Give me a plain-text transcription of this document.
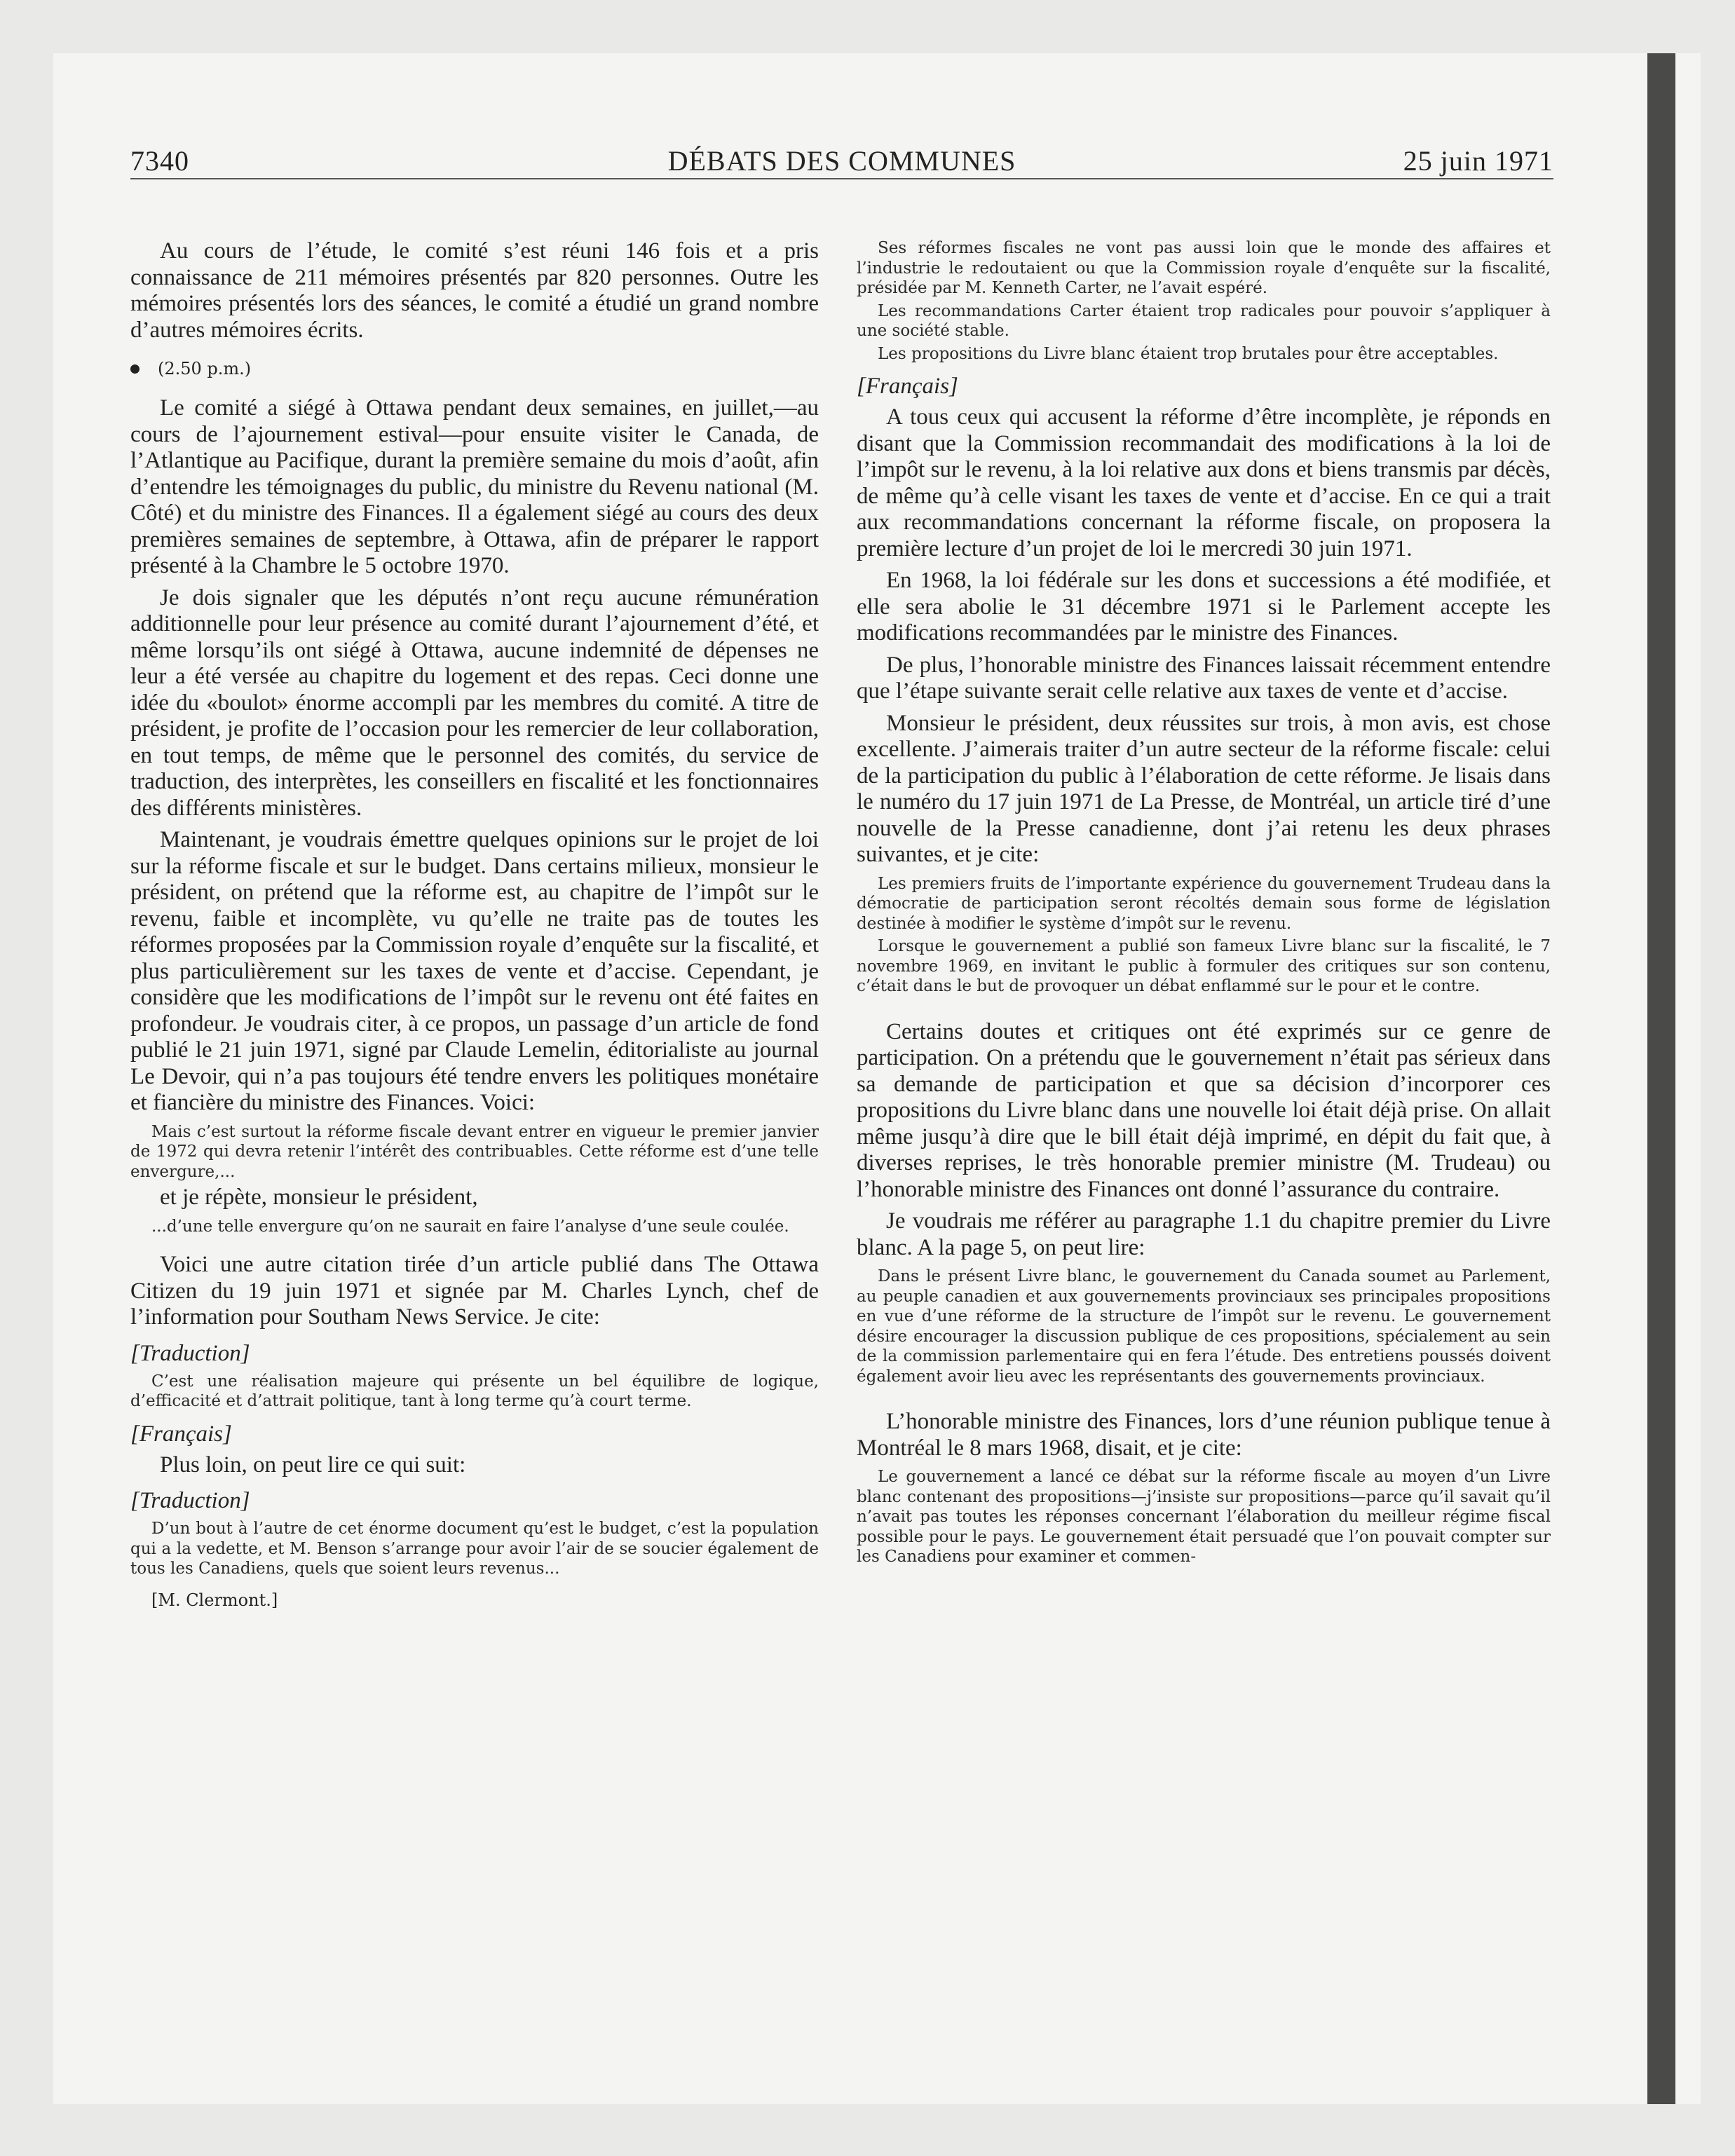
7340	DÉBATS DES COMMUNES	25 juin 1971

Au cours de l’étude, le comité s’est réuni 146 fois et a pris connaissance de 211 mémoires présentés par 820 personnes. Outre les mémoires présentés lors des séances, le comité a étudié un grand nombre d’autres mémoires écrits.

(2.50 p.m.)

Le comité a siégé à Ottawa pendant deux semaines, en juillet,—au cours de l’ajournement estival—pour ensuite visiter le Canada, de l’Atlantique au Pacifique, durant la première semaine du mois d’août, afin d’entendre les témoignages du public, du ministre du Revenu national (M. Côté) et du ministre des Finances. Il a également siégé au cours des deux premières semaines de septembre, à Ottawa, afin de préparer le rapport présenté à la Chambre le 5 octobre 1970.

Je dois signaler que les députés n’ont reçu aucune rémunération additionnelle pour leur présence au comité durant l’ajournement d’été, et même lorsqu’ils ont siégé à Ottawa, aucune indemnité de dépenses ne leur a été versée au chapitre du logement et des repas. Ceci donne une idée du «boulot» énorme accompli par les membres du comité. A titre de président, je profite de l’occasion pour les remercier de leur collaboration, en tout temps, de même que le personnel des comités, du service de traduction, des interprètes, les conseillers en fiscalité et les fonctionnaires des différents ministères.

Maintenant, je voudrais émettre quelques opinions sur le projet de loi sur la réforme fiscale et sur le budget. Dans certains milieux, monsieur le président, on prétend que la réforme est, au chapitre de l’impôt sur le revenu, faible et incomplète, vu qu’elle ne traite pas de toutes les réformes proposées par la Commission royale d’enquête sur la fiscalité, et plus particulièrement sur les taxes de vente et d’accise. Cependant, je considère que les modifications de l’impôt sur le revenu ont été faites en profondeur. Je voudrais citer, à ce propos, un passage d’un article de fond publié le 21 juin 1971, signé par Claude Lemelin, éditorialiste au journal Le Devoir, qui n’a pas toujours été tendre envers les politiques monétaire et fiancière du ministre des Finances. Voici:

Mais c’est surtout la réforme fiscale devant entrer en vigueur le premier janvier de 1972 qui devra retenir l’intérêt des contribuables. Cette réforme est d’une telle envergure,...

et je répète, monsieur le président,

...d’une telle envergure qu’on ne saurait en faire l’analyse d’une seule coulée.

Voici une autre citation tirée d’un article publié dans The Ottawa Citizen du 19 juin 1971 et signée par M. Charles Lynch, chef de l’information pour Southam News Service. Je cite:

[Traduction]

C’est une réalisation majeure qui présente un bel équilibre de logique, d’efficacité et d’attrait politique, tant à long terme qu’à court terme.

[Français]

Plus loin, on peut lire ce qui suit:

[Traduction]

D’un bout à l’autre de cet énorme document qu’est le budget, c’est la population qui a la vedette, et M. Benson s’arrange pour avoir l’air de se soucier également de tous les Canadiens, quels que soient leurs revenus...

[M. Clermont.]

Ses réformes fiscales ne vont pas aussi loin que le monde des affaires et l’industrie le redoutaient ou que la Commission royale d’enquête sur la fiscalité, présidée par M. Kenneth Carter, ne l’avait espéré.

Les recommandations Carter étaient trop radicales pour pouvoir s’appliquer à une société stable.

Les propositions du Livre blanc étaient trop brutales pour être acceptables.

[Français]

A tous ceux qui accusent la réforme d’être incomplète, je réponds en disant que la Commission recommandait des modifications à la loi de l’impôt sur le revenu, à la loi relative aux dons et biens transmis par décès, de même qu’à celle visant les taxes de vente et d’accise. En ce qui a trait aux recommandations concernant la réforme fiscale, on proposera la première lecture d’un projet de loi le mercredi 30 juin 1971.

En 1968, la loi fédérale sur les dons et successions a été modifiée, et elle sera abolie le 31 décembre 1971 si le Parlement accepte les modifications recommandées par le ministre des Finances.

De plus, l’honorable ministre des Finances laissait récemment entendre que l’étape suivante serait celle relative aux taxes de vente et d’accise.

Monsieur le président, deux réussites sur trois, à mon avis, est chose excellente. J’aimerais traiter d’un autre secteur de la réforme fiscale: celui de la participation du public à l’élaboration de cette réforme. Je lisais dans le numéro du 17 juin 1971 de La Presse, de Montréal, un article tiré d’une nouvelle de la Presse canadienne, dont j’ai retenu les deux phrases suivantes, et je cite:

Les premiers fruits de l’importante expérience du gouvernement Trudeau dans la démocratie de participation seront récoltés demain sous forme de législation destinée à modifier le système d’impôt sur le revenu.

Lorsque le gouvernement a publié son fameux Livre blanc sur la fiscalité, le 7 novembre 1969, en invitant le public à formuler des critiques sur son contenu, c’était dans le but de provoquer un débat enflammé sur le pour et le contre.

Certains doutes et critiques ont été exprimés sur ce genre de participation. On a prétendu que le gouvernement n’était pas sérieux dans sa demande de participation et que sa décision d’incorporer ces propositions du Livre blanc dans une nouvelle loi était déjà prise. On allait même jusqu’à dire que le bill était déjà imprimé, en dépit du fait que, à diverses reprises, le très honorable premier ministre (M. Trudeau) ou l’honorable ministre des Finances ont donné l’assurance du contraire.

Je voudrais me référer au paragraphe 1.1 du chapitre premier du Livre blanc. A la page 5, on peut lire:

Dans le présent Livre blanc, le gouvernement du Canada soumet au Parlement, au peuple canadien et aux gouvernements provinciaux ses principales propositions en vue d’une réforme de la structure de l’impôt sur le revenu. Le gouvernement désire encourager la discussion publique de ces propositions, spécialement au sein de la commission parlementaire qui en fera l’étude. Des entretiens poussés doivent également avoir lieu avec les représentants des gouvernements provinciaux.

L’honorable ministre des Finances, lors d’une réunion publique tenue à Montréal le 8 mars 1968, disait, et je cite:

Le gouvernement a lancé ce débat sur la réforme fiscale au moyen d’un Livre blanc contenant des propositions—j’insiste sur propositions—parce qu’il savait qu’il n’avait pas toutes les réponses concernant l’élaboration du meilleur régime fiscal possible pour le pays. Le gouvernement était persuadé que l’on pouvait compter sur les Canadiens pour examiner et commen-
